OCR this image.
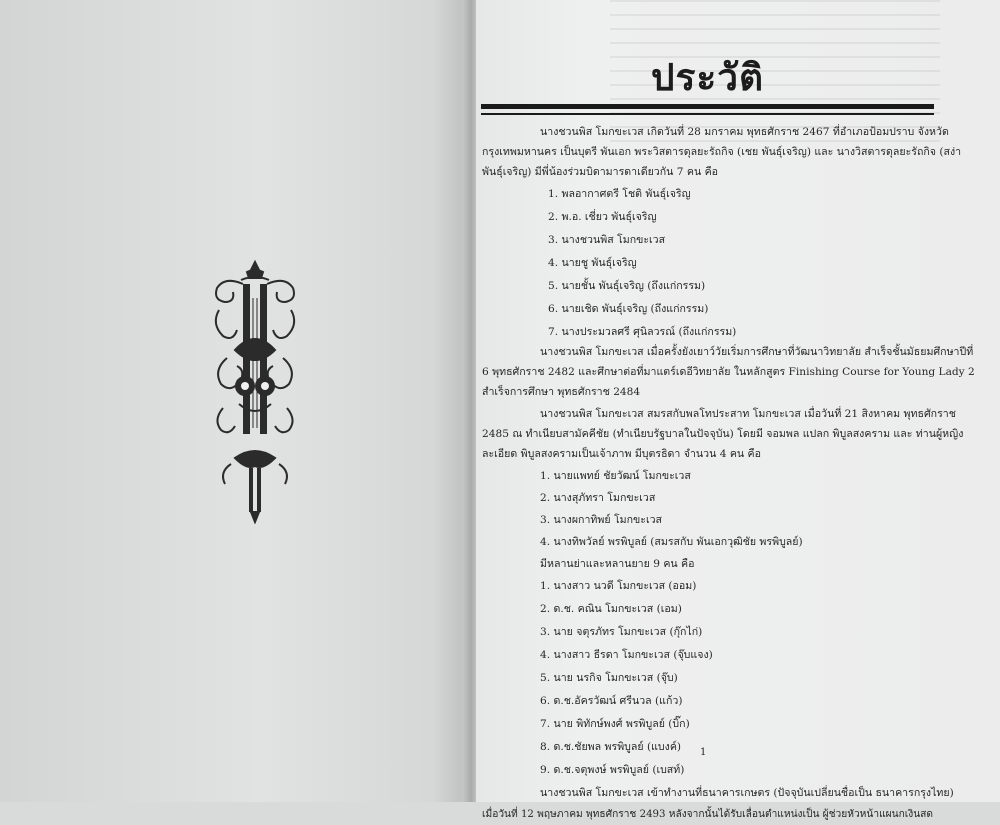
ประวัติ
นางชวนพิส โมกขะเวส เกิดวันที่ 28 มกราคม พุทธศักราช 2467 ที่อำเภอป้อมปราบ จังหวัด
กรุงเทพมหานคร เป็นบุตรี พันเอก พระวิสตารดุลยะรัถกิจ (เชย พันธุ์เจริญ) และ นางวิสตารดุลยะรัถกิจ (สง่า
พันธุ์เจริญ) มีพี่น้องร่วมบิดามารดาเดียวกัน 7 คน คือ
1. พลอากาศตรี โชติ พันธุ์เจริญ
2. พ.อ. เชี่ยว พันธุ์เจริญ
3. นางชวนพิส โมกขะเวส
4. นายชู พันธุ์เจริญ
5. นายชั้น พันธุ์เจริญ (ถึงแก่กรรม)
6. นายเชิด พันธุ์เจริญ (ถึงแก่กรรม)
7. นางประมวลศรี ศุนิลวรณ์ (ถึงแก่กรรม)
นางชวนพิส โมกขะเวส เมื่อครั้งยังเยาว์วัยเริ่มการศึกษาที่วัฒนาวิทยาลัย สำเร็จชั้นมัธยมศึกษาปีที่
6 พุทธศักราช 2482 และศึกษาต่อที่มาแตร์เดอีวิทยาลัย ในหลักสูตร Finishing Course for Young Lady 2
สำเร็จการศึกษา พุทธศักราช 2484
นางชวนพิส โมกขะเวส สมรสกับพลโทประสาท โมกขะเวส เมื่อวันที่ 21 สิงหาคม พุทธศักราช
2485 ณ ทำเนียบสามัคคีชัย (ทำเนียบรัฐบาลในปัจจุบัน) โดยมี จอมพล แปลก พิบูลสงคราม และ ท่านผู้หญิง
ละเอียด พิบูลสงครามเป็นเจ้าภาพ มีบุตรธิดา จำนวน 4 คน คือ
1. นายแพทย์ ชัยวัฒน์ โมกขะเวส
2. นางสุภัทรา โมกขะเวส
3. นางผกาทิพย์ โมกขะเวส
4. นางทิพวัลย์ พรพิบูลย์ (สมรสกับ พันเอกวุฒิชัย พรพิบูลย์)
มีหลานย่าและหลานยาย 9 คน คือ
1. นางสาว นวดี โมกขะเวส (ออม)
2. ด.ช. คณิน โมกขะเวส (เอม)
3. นาย จตุรภัทร โมกขะเวส (กุ๊กไก่)
4. นางสาว ธีรดา โมกขะเวส (จุ๊บแจง)
5. นาย นรกิจ โมกขะเวส (จุ๊บ)
6. ด.ช.อัครวัฒน์ ศรีนวล (แก้ว)
7. นาย พิทักษ์พงศ์ พรพิบูลย์ (บิ๊ก)
8. ด.ช.ชัยพล พรพิบูลย์ (แบงค์)
9. ด.ช.จตุพงษ์ พรพิบูลย์ (เบสท์)
นางชวนพิส โมกขะเวส เข้าทำงานที่ธนาคารเกษตร (ปัจจุบันเปลี่ยนชื่อเป็น ธนาคารกรุงไทย)
เมื่อวันที่ 12 พฤษภาคม พุทธศักราช 2493 หลังจากนั้นได้รับเลื่อนตำแหน่งเป็น ผู้ช่วยหัวหน้าแผนกเงินสด
1
